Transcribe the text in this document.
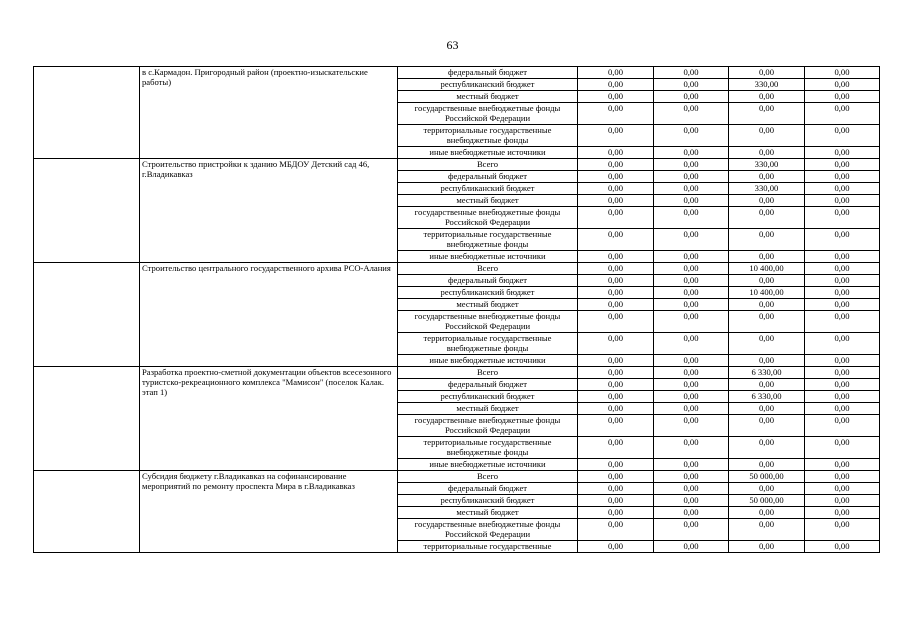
63
	в с.Кармадон. Пригородный район (проектно-изыскательские работы)	федеральный бюджет	0,00	0,00	0,00	0,00
		республиканский бюджет	0,00	0,00	330,00	0,00
		местный бюджет	0,00	0,00	0,00	0,00
		государственные внебюджетные фонды Российской Федерации	0,00	0,00	0,00	0,00
		территориальные государственные внебюджетные фонды	0,00	0,00	0,00	0,00
		иные внебюджетные источники	0,00	0,00	0,00	0,00
	Строительство пристройки к зданию МБДОУ Детский сад 46, г.Владикавказ	Всего	0,00	0,00	330,00	0,00
		федеральный бюджет	0,00	0,00	0,00	0,00
		республиканский бюджет	0,00	0,00	330,00	0,00
		местный бюджет	0,00	0,00	0,00	0,00
		государственные внебюджетные фонды Российской Федерации	0,00	0,00	0,00	0,00
		территориальные государственные внебюджетные фонды	0,00	0,00	0,00	0,00
		иные внебюджетные источники	0,00	0,00	0,00	0,00
	Строительство центрального государственного архива РСО-Алания	Всего	0,00	0,00	10 400,00	0,00
		федеральный бюджет	0,00	0,00	0,00	0,00
		республиканский бюджет	0,00	0,00	10 400,00	0,00
		местный бюджет	0,00	0,00	0,00	0,00
		государственные внебюджетные фонды Российской Федерации	0,00	0,00	0,00	0,00
		территориальные государственные внебюджетные фонды	0,00	0,00	0,00	0,00
		иные внебюджетные источники	0,00	0,00	0,00	0,00
	Разработка проектно-сметной документации объектов всесезонного туристско-рекреационного комплекса "Мамисон" (поселок Калак. этап 1)	Всего	0,00	0,00	6 330,00	0,00
		федеральный бюджет	0,00	0,00	0,00	0,00
		республиканский бюджет	0,00	0,00	6 330,00	0,00
		местный бюджет	0,00	0,00	0,00	0,00
		государственные внебюджетные фонды Российской Федерации	0,00	0,00	0,00	0,00
		территориальные государственные внебюджетные фонды	0,00	0,00	0,00	0,00
		иные внебюджетные источники	0,00	0,00	0,00	0,00
	Субсидия бюджету г.Владикавказ на софинансирование мероприятий по ремонту проспекта Мира в г.Владикавказ	Всего	0,00	0,00	50 000,00	0,00
		федеральный бюджет	0,00	0,00	0,00	0,00
		республиканский бюджет	0,00	0,00	50 000,00	0,00
		местный бюджет	0,00	0,00	0,00	0,00
		государственные внебюджетные фонды Российской Федерации	0,00	0,00	0,00	0,00
		территориальные государственные	0,00	0,00	0,00	0,00
